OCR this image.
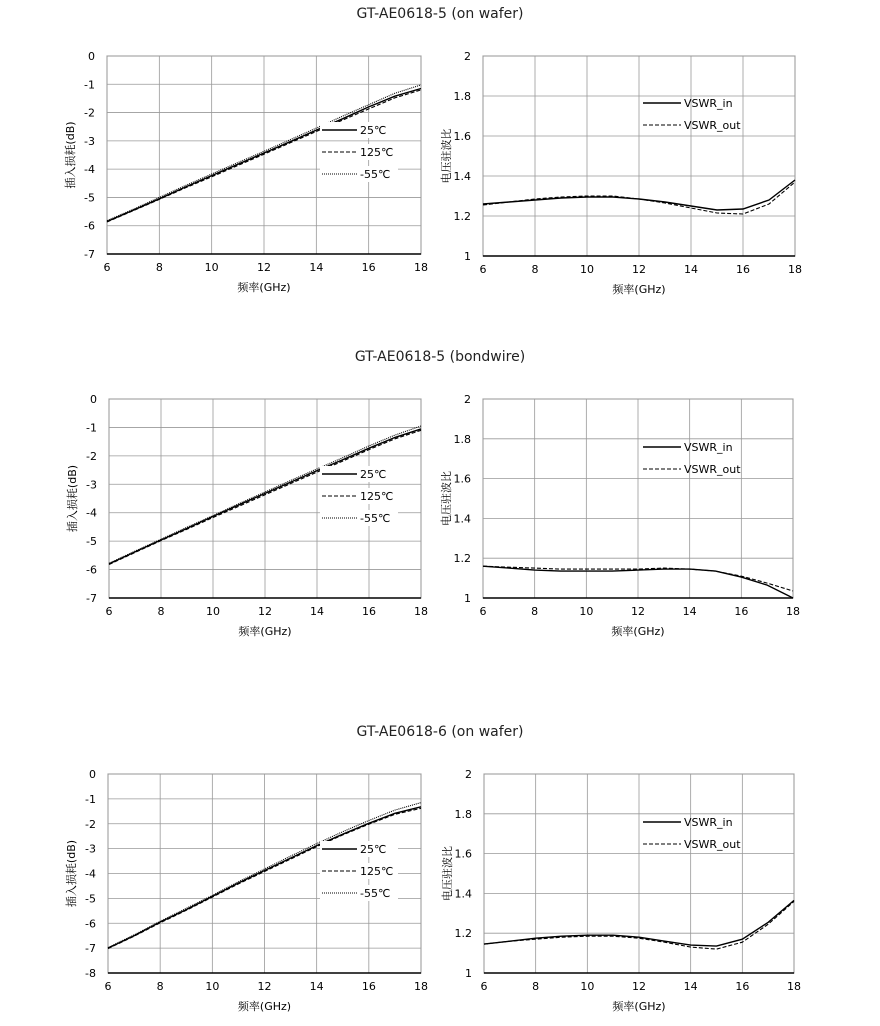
GT-AE0618-5 (on wafer)
GT-AE0618-5 (bondwire)
GT-AE0618-6 (on wafer)
6	8	10	12	14	16	18
0
-1
-2
-3
-4
-5
-6
-7
频率(GHz)
插入损耗(dB)	25℃
125℃
-55℃
6	8	10	12	14	16	18
2
1.8
1.6
1.4
1.2
1
频率(GHz)
电压驻波比
VSWR_in
VSWR_out
6	8	10	12	14	16	18
0
-1
-2
-3
-4
-5
-6
-7
频率(GHz)
插入损耗(dB)	25℃
125℃
-55℃
6	8	10	12	14	16	18
2
1.8
1.6
1.4
1.2
1
频率(GHz)
电压驻波比
VSWR_in
VSWR_out
6	8	10	12	14	16	18
0
-1
-2
-3
-4
-5
-6
-7
-8
频率(GHz)
插入损耗(dB)	25℃
125℃
-55℃
6	8	10	12	14	16	18
2
1.8
1.6
1.4
1.2
1
频率(GHz)
电压驻波比
VSWR_in
VSWR_out
